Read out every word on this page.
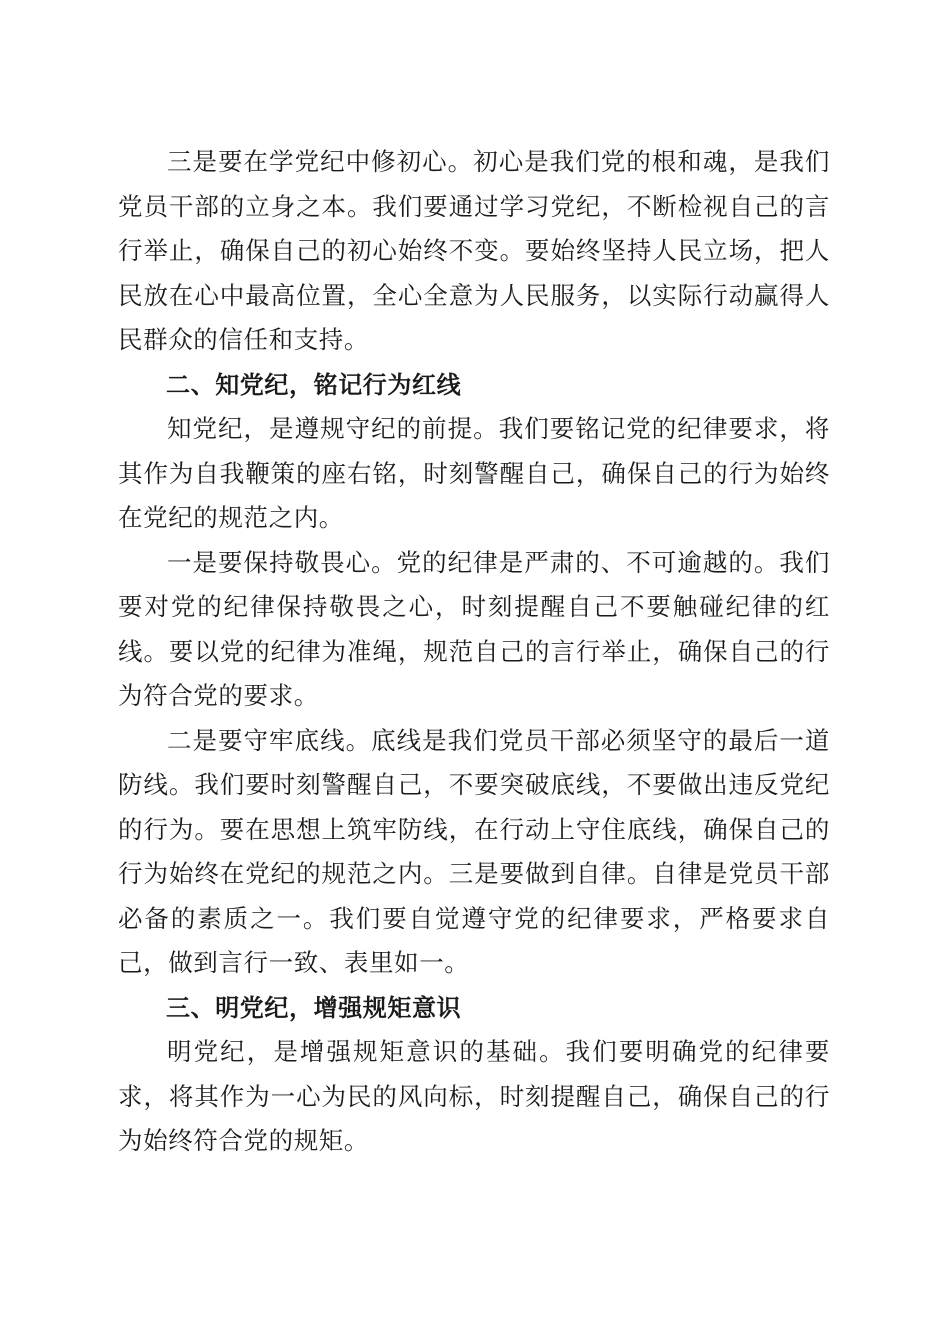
三是要在学党纪中修初心。初心是我们党的根和魂，是我们党员干部的立身之本。我们要通过学习党纪，不断检视自己的言行举止，确保自己的初心始终不变。要始终坚持人民立场，把人民放在心中最高位置，全心全意为人民服务，以实际行动赢得人民群众的信任和支持。

二、知党纪，铭记行为红线

知党纪，是遵规守纪的前提。我们要铭记党的纪律要求，将其作为自我鞭策的座右铭，时刻警醒自己，确保自己的行为始终在党纪的规范之内。

一是要保持敬畏心。党的纪律是严肃的、不可逾越的。我们要对党的纪律保持敬畏之心，时刻提醒自己不要触碰纪律的红线。要以党的纪律为准绳，规范自己的言行举止，确保自己的行为符合党的要求。

二是要守牢底线。底线是我们党员干部必须坚守的最后一道防线。我们要时刻警醒自己，不要突破底线，不要做出违反党纪的行为。要在思想上筑牢防线，在行动上守住底线，确保自己的行为始终在党纪的规范之内。三是要做到自律。自律是党员干部必备的素质之一。我们要自觉遵守党的纪律要求，严格要求自己，做到言行一致、表里如一。

三、明党纪，增强规矩意识

明党纪，是增强规矩意识的基础。我们要明确党的纪律要求，将其作为一心为民的风向标，时刻提醒自己，确保自己的行为始终符合党的规矩。
